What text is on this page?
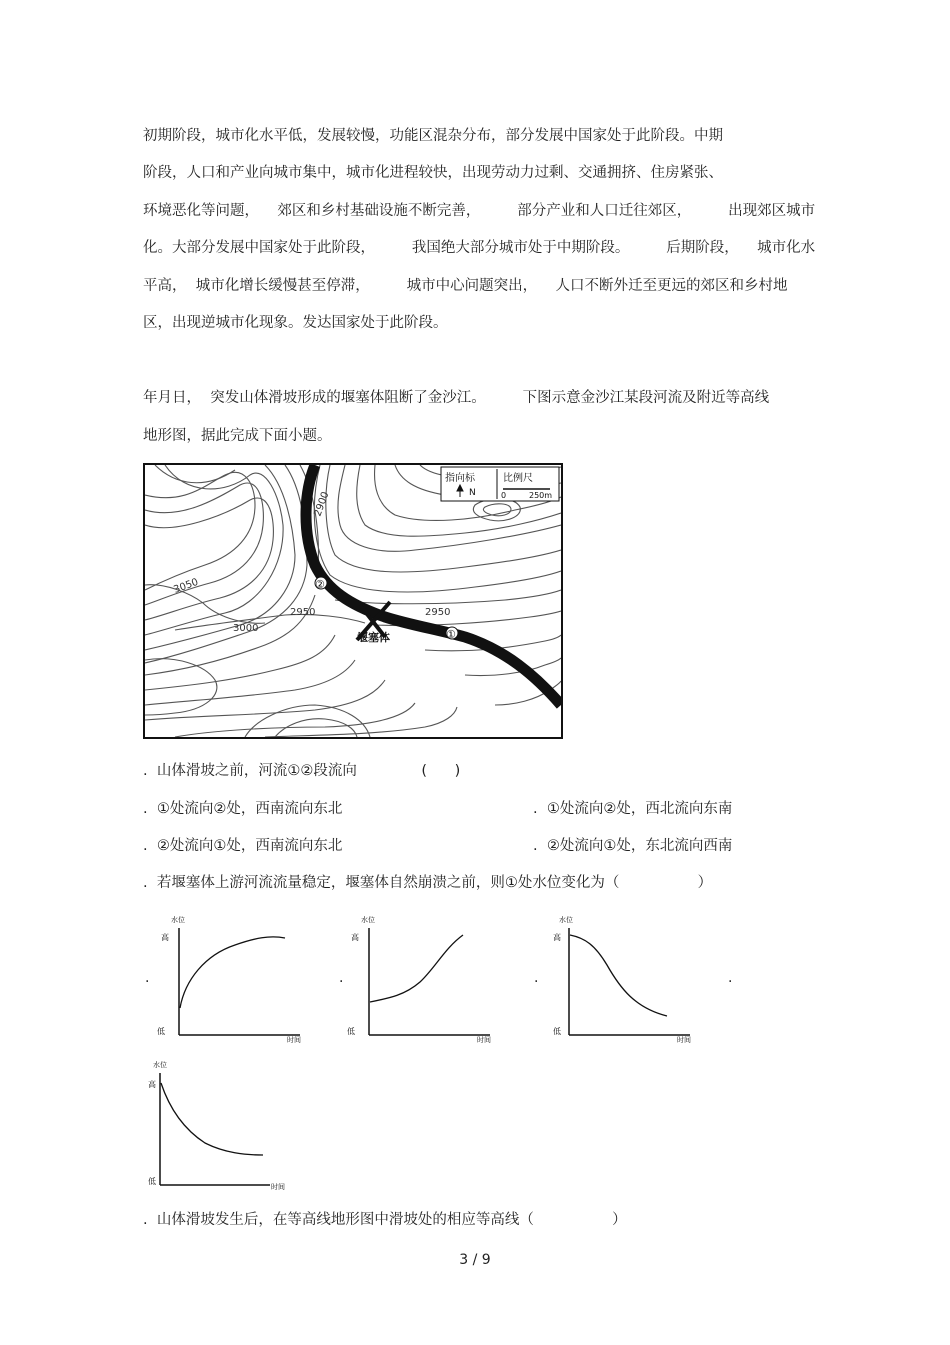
初期阶段，城市化水平低，发展较慢，功能区混杂分布，部分发展中国家处于此阶段。中期
阶段，人口和产业向城市集中，城市化进程较快，出现劳动力过剩、交通拥挤、住房紧张、
环境恶化等问题，    郊区和乡村基础设施不断完善，        部分产业和人口迁往郊区，        出现郊区城市
化。大部分发展中国家处于此阶段，        我国绝大部分城市处于中期阶段。        后期阶段，    城市化水
平高，  城市化增长缓慢甚至停滞，        城市中心问题突出，    人口不断外迁至更远的郊区和乡村地
区，出现逆城市化现象。发达国家处于此阶段。
年月日，  突发山体滑坡形成的堰塞体阻断了金沙江。        下图示意金沙江某段河流及附近等高线
地形图，据此完成下面小题。
指向标	比例尺
N	0	250m
3050
3000
2950	2950
2900
堰塞体	①
②
.  山体滑坡之前，河流①②段流向              (      )
.  ①处流向②处，西南流向东北	.  ①处流向②处，西北流向东南
.  ②处流向①处，西南流向东北	.  ②处流向①处，东北流向西南
.  若堰塞体上游河流流量稳定，堰塞体自然崩溃之前，则①处水位变化为（                 ）
.	.	.	.
水位
高
低
时间
水位
高
低
时间
水位
高
低
时间
水位
高
低
时间
.  山体滑坡发生后，在等高线地形图中滑坡处的相应等高线（                 ）
3 / 9
